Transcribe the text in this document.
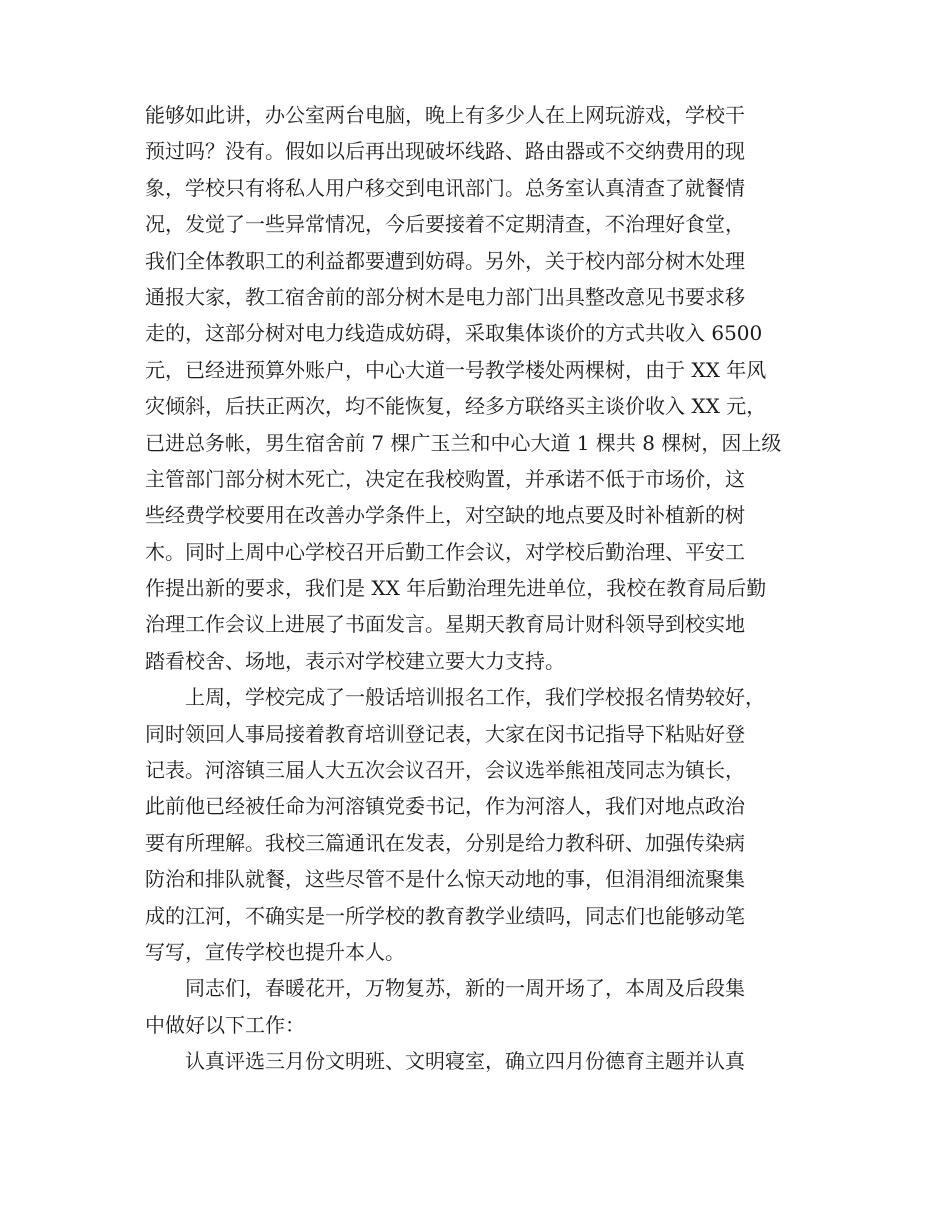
能够如此讲，办公室两台电脑，晚上有多少人在上网玩游戏，学校干
预过吗？没有。假如以后再出现破坏线路、路由器或不交纳费用的现
象，学校只有将私人用户移交到电讯部门。总务室认真清查了就餐情
况，发觉了一些异常情况，今后要接着不定期清查，不治理好食堂，
我们全体教职工的利益都要遭到妨碍。另外，关于校内部分树木处理
通报大家，教工宿舍前的部分树木是电力部门出具整改意见书要求移
走的，这部分树对电力线造成妨碍，采取集体谈价的方式共收入 6500
元，已经进预算外账户，中心大道一号教学楼处两棵树，由于 XX 年风
灾倾斜，后扶正两次，均不能恢复，经多方联络买主谈价收入 XX 元，
已进总务帐，男生宿舍前 7 棵广玉兰和中心大道 1 棵共 8 棵树，因上级
主管部门部分树木死亡，决定在我校购置，并承诺不低于市场价，这
些经费学校要用在改善办学条件上，对空缺的地点要及时补植新的树
木。同时上周中心学校召开后勤工作会议，对学校后勤治理、平安工
作提出新的要求，我们是 XX 年后勤治理先进单位，我校在教育局后勤
治理工作会议上进展了书面发言。星期天教育局计财科领导到校实地
踏看校舍、场地，表示对学校建立要大力支持。
上周，学校完成了一般话培训报名工作，我们学校报名情势较好，
同时领回人事局接着教育培训登记表，大家在闵书记指导下粘贴好登
记表。河溶镇三届人大五次会议召开，会议选举熊祖茂同志为镇长，
此前他已经被任命为河溶镇党委书记，作为河溶人，我们对地点政治
要有所理解。我校三篇通讯在发表，分别是给力教科研、加强传染病
防治和排队就餐，这些尽管不是什么惊天动地的事，但涓涓细流聚集
成的江河，不确实是一所学校的教育教学业绩吗，同志们也能够动笔
写写，宣传学校也提升本人。
同志们，春暖花开，万物复苏，新的一周开场了，本周及后段集
中做好以下工作：
认真评选三月份文明班、文明寝室，确立四月份德育主题并认真
